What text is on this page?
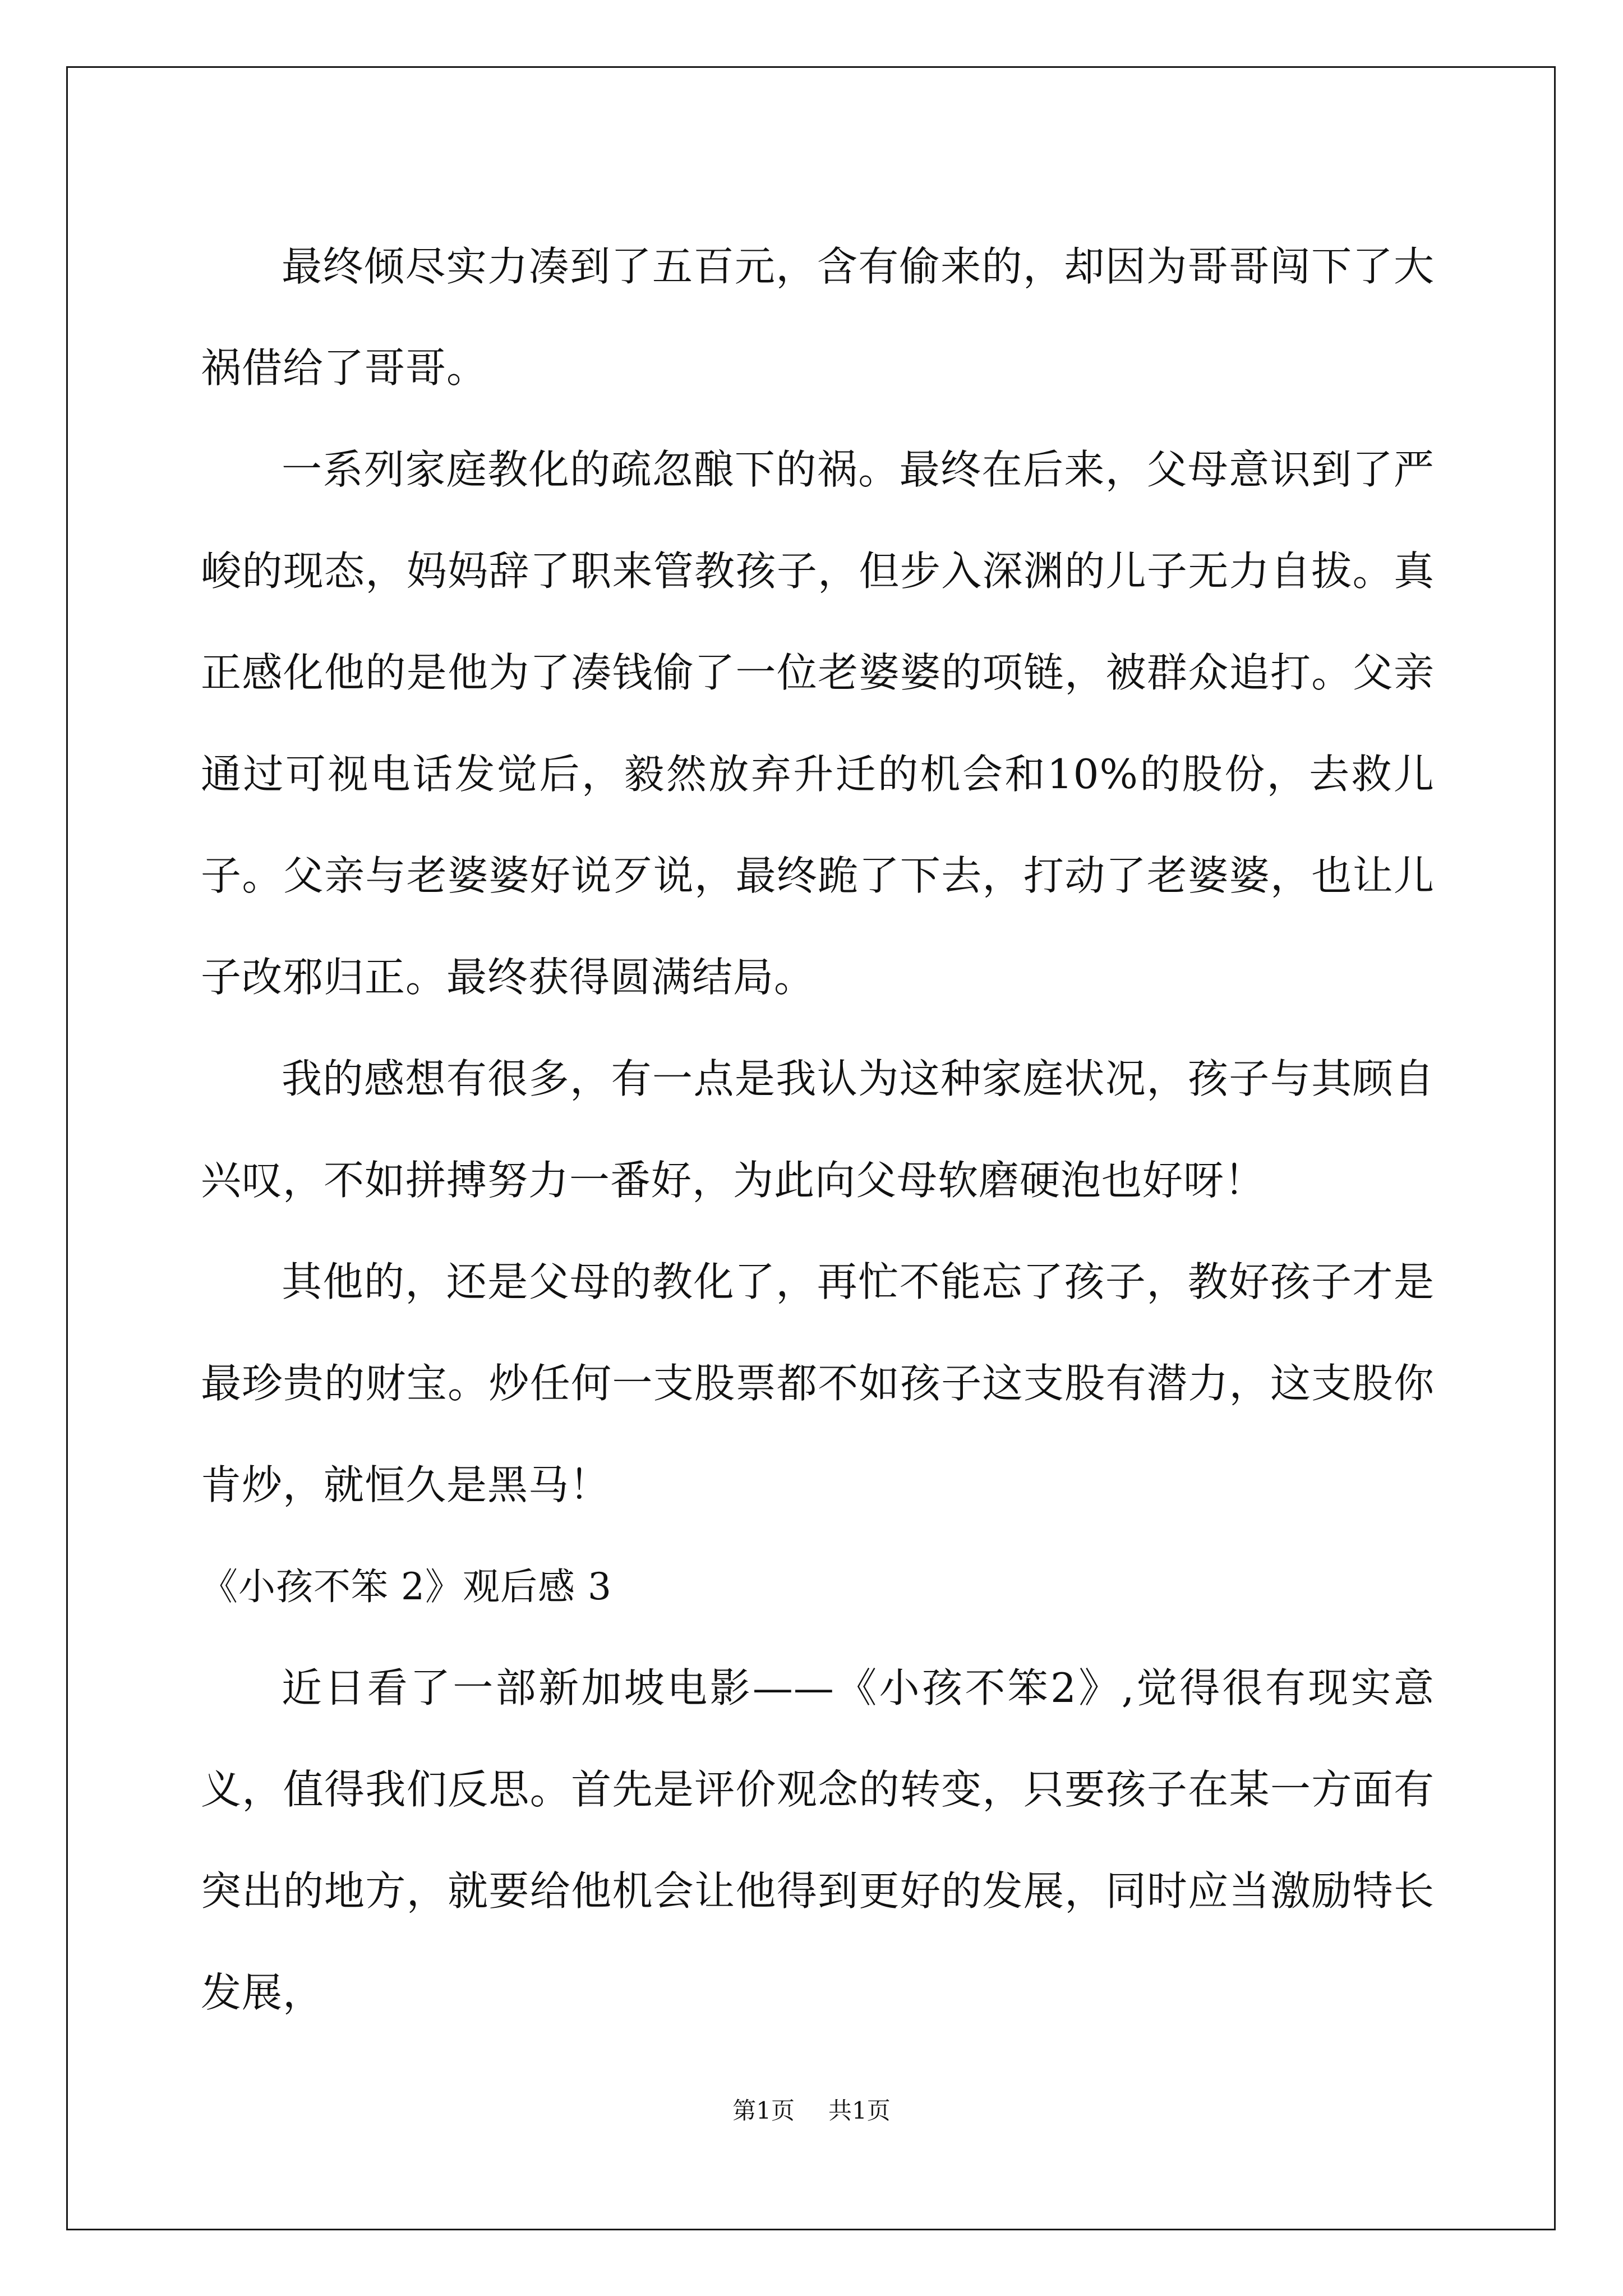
最终倾尽实力凑到了五百元，含有偷来的，却因为哥哥闯下了大祸借给了哥哥。

一系列家庭教化的疏忽酿下的祸。最终在后来，父母意识到了严峻的现态，妈妈辞了职来管教孩子，但步入深渊的儿子无力自拔。真正感化他的是他为了凑钱偷了一位老婆婆的项链，被群众追打。父亲通过可视电话发觉后，毅然放弃升迁的机会和10%的股份，去救儿子。父亲与老婆婆好说歹说，最终跪了下去，打动了老婆婆，也让儿子改邪归正。最终获得圆满结局。

我的感想有很多，有一点是我认为这种家庭状况，孩子与其顾自兴叹，不如拼搏努力一番好，为此向父母软磨硬泡也好呀！

其他的，还是父母的教化了，再忙不能忘了孩子，教好孩子才是最珍贵的财宝。炒任何一支股票都不如孩子这支股有潜力，这支股你肯炒，就恒久是黑马！

《小孩不笨 2》观后感 3

近日看了一部新加坡电影——《小孩不笨2》,觉得很有现实意义，值得我们反思。首先是评价观念的转变，只要孩子在某一方面有突出的地方，就要给他机会让他得到更好的发展，同时应当激励特长发展，

第1页 共1页
